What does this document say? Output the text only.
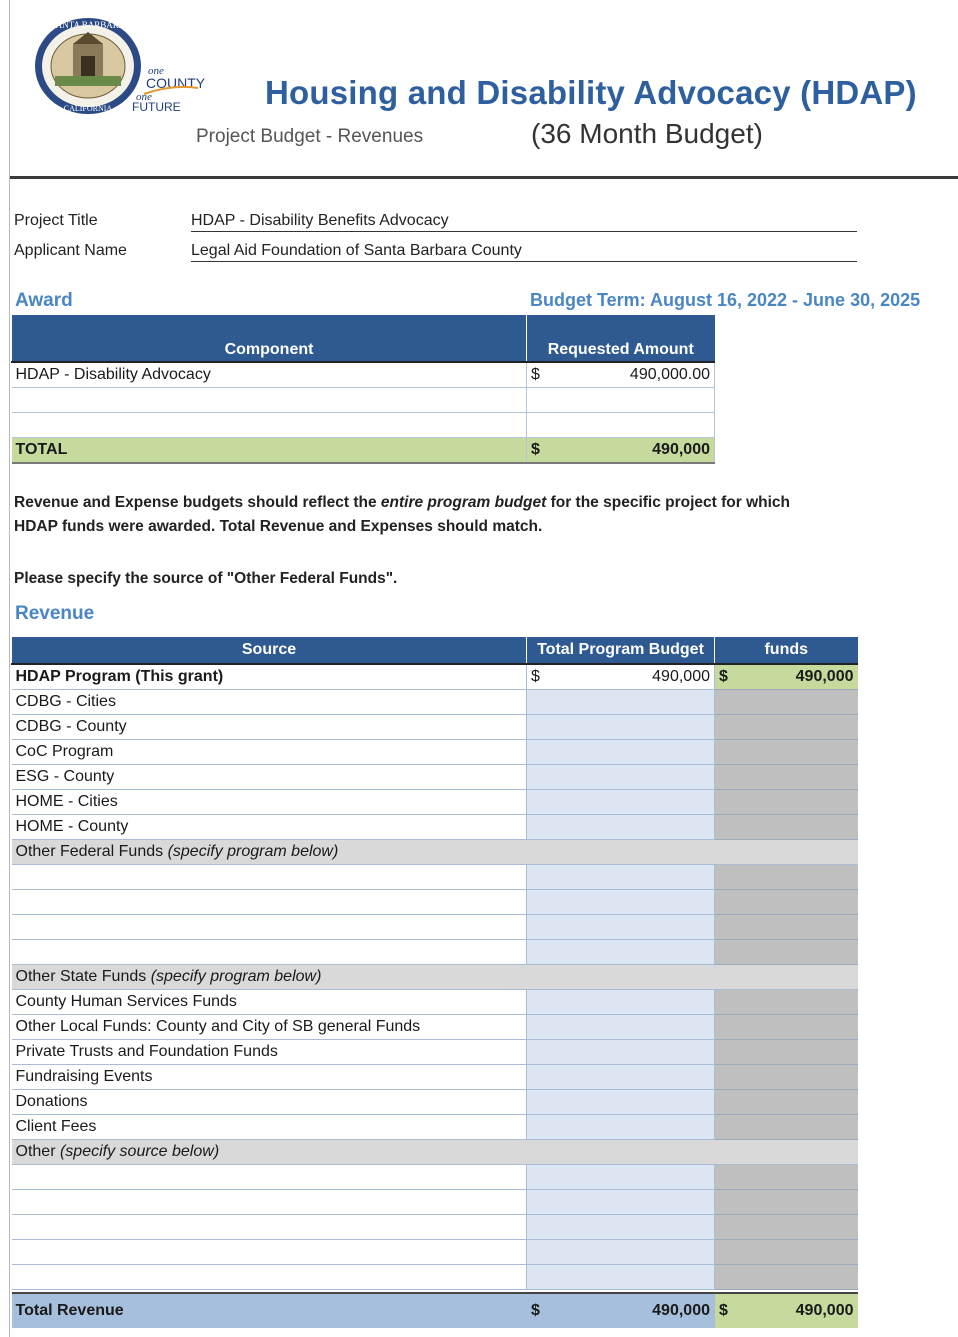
SANTA BARBARA
CALIFORNIA
one
COUNTY
one
FUTURE	Housing and Disability Advocacy (HDAP)
Project Budget - Revenues	(36 Month Budget)
Project Title	HDAP - Disability Benefits Advocacy
Applicant Name	Legal Aid Foundation of Santa Barbara County
Award	Budget Term: August 16, 2022 - June 30, 2025
Component	Requested Amount
HDAP - Disability Advocacy	$ 490,000.00

TOTAL	$ 490,000
Revenue and Expense budgets should reflect the entire program budget for the specific project for which
HDAP funds were awarded. Total Revenue and Expenses should match.
Please specify the source of "Other Federal Funds".
Revenue
Source	Total Program Budget	funds
HDAP Program (This grant)	$ 490,000	$ 490,000

CDBG - Cities		
CDBG - County		
CoC Program		
ESG - County		
HOME - Cities		
HOME - County		
Other Federal Funds (specify program below)		

Other State Funds (specify program below)		
County Human Services Funds		
Other Local Funds: County and City of SB general Funds		
Private Trusts and Foundation Funds		
Fundraising Events		
Donations		
Client Fees		
Other (specify source below)		

Total Revenue	$ 490,000	$ 490,000
